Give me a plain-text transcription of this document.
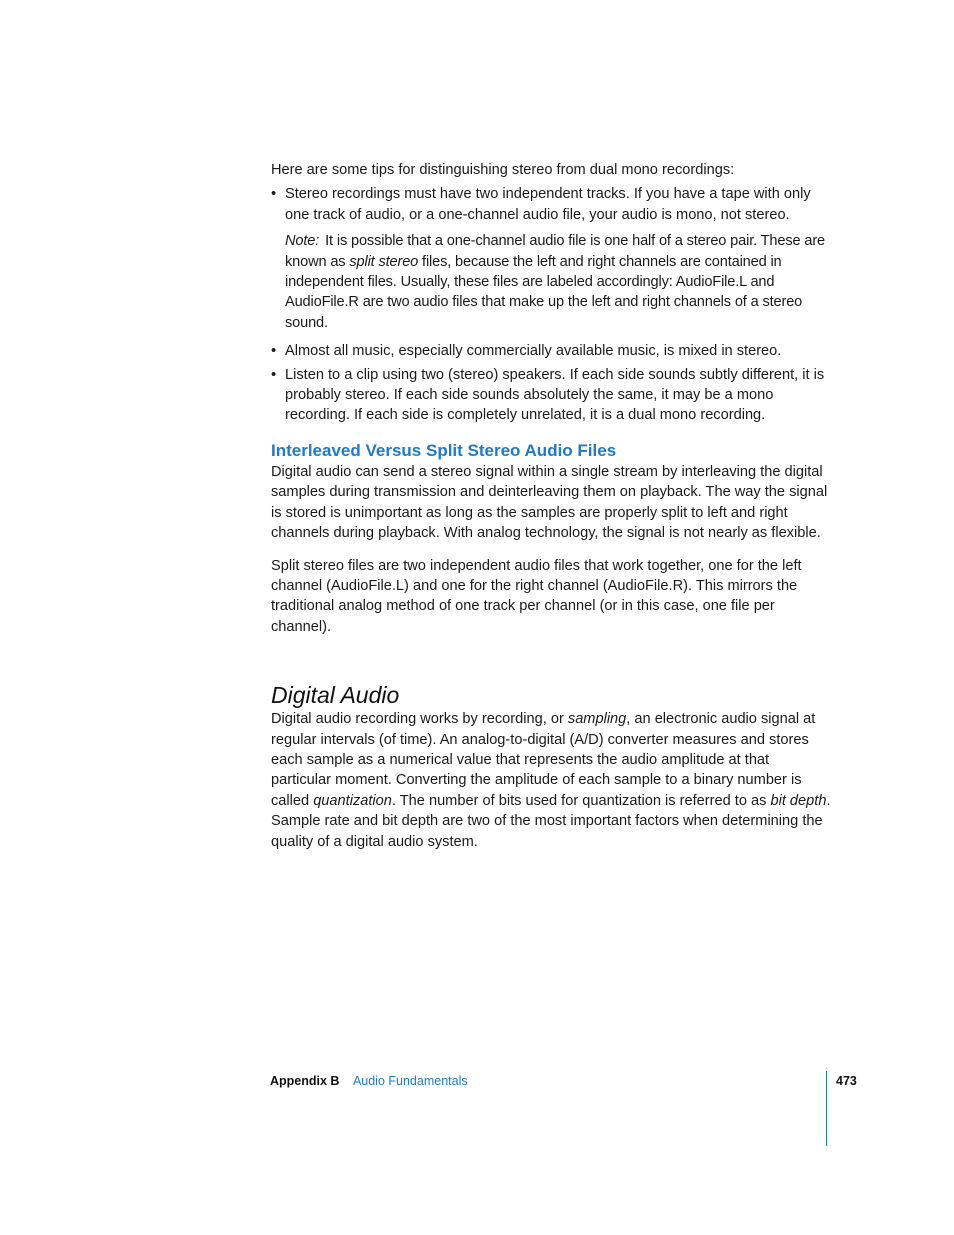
Here are some tips for distinguishing stereo from dual mono recordings:

• Stereo recordings must have two independent tracks. If you have a tape with only one track of audio, or a one-channel audio file, your audio is mono, not stereo.

Note: It is possible that a one-channel audio file is one half of a stereo pair. These are known as split stereo files, because the left and right channels are contained in independent files. Usually, these files are labeled accordingly: AudioFile.L and AudioFile.R are two audio files that make up the left and right channels of a stereo sound.

• Almost all music, especially commercially available music, is mixed in stereo.
• Listen to a clip using two (stereo) speakers. If each side sounds subtly different, it is probably stereo. If each side sounds absolutely the same, it may be a mono recording. If each side is completely unrelated, it is a dual mono recording.
Interleaved Versus Split Stereo Audio Files

Digital audio can send a stereo signal within a single stream by interleaving the digital samples during transmission and deinterleaving them on playback. The way the signal is stored is unimportant as long as the samples are properly split to left and right channels during playback. With analog technology, the signal is not nearly as flexible.

Split stereo files are two independent audio files that work together, one for the left channel (AudioFile.L) and one for the right channel (AudioFile.R). This mirrors the traditional analog method of one track per channel (or in this case, one file per channel).

Digital Audio

Digital audio recording works by recording, or sampling, an electronic audio signal at regular intervals (of time). An analog-to-digital (A/D) converter measures and stores each sample as a numerical value that represents the audio amplitude at that particular moment. Converting the amplitude of each sample to a binary number is called quantization. The number of bits used for quantization is referred to as bit depth. Sample rate and bit depth are two of the most important factors when determining the quality of a digital audio system.

Appendix B Audio Fundamentals	473
